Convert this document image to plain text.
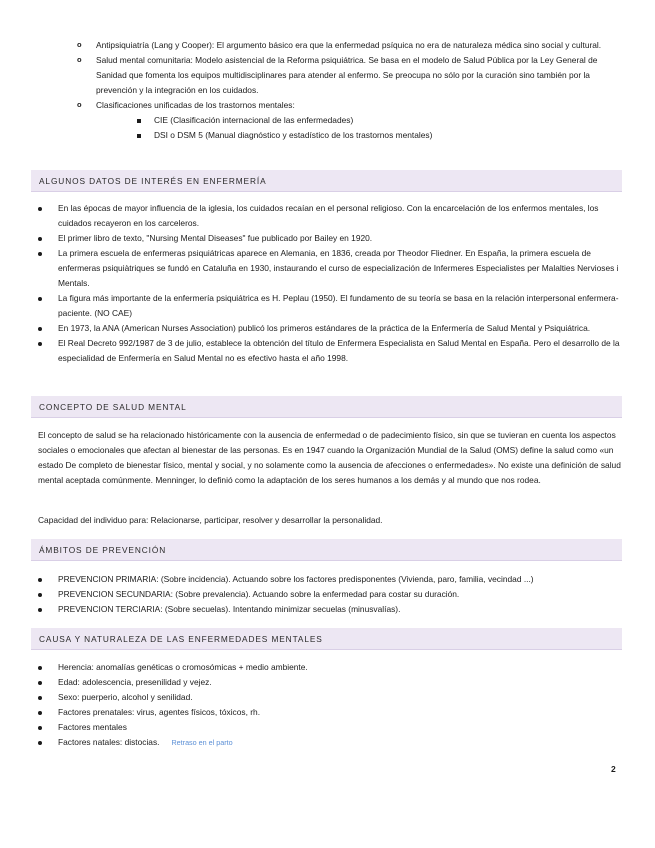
o Antipsiquiatría (Lang y Cooper): El argumento básico era que la enfermedad psíquica no era de naturaleza médica sino social y cultural.
o Salud mental comunitaria: Modelo asistencial de la Reforma psiquiátrica. Se basa en el modelo de Salud Pública por la Ley General de Sanidad que fomenta los equipos multidisciplinares para atender al enfermo. Se preocupa no sólo por la curación sino también por la prevención y la integración en los cuidados.
o Clasificaciones unificadas de los trastornos mentales:
CIE (Clasificación internacional de las enfermedades)
DSI o DSM 5 (Manual diagnóstico y estadístico de los trastornos mentales)
ALGUNOS DATOS DE INTERÉS EN ENFERMERÍA
En las épocas de mayor influencia de la iglesia, los cuidados recaían en el personal religioso. Con la encarcelación de los enfermos mentales, los cuidados recayeron en los carceleros.
El primer libro de texto, "Nursing Mental Diseases" fue publicado por Bailey en 1920.
La primera escuela de enfermeras psiquiátricas aparece en Alemania, en 1836, creada por Theodor Fliedner. En España, la primera escuela de enfermeras psiquiàtriques se fundó en Cataluña en 1930, instaurando el curso de especialización de Infermeres Especialistes per Malalties Nervioses i Mentals.
La figura más importante de la enfermería psiquiátrica es H. Peplau (1950). El fundamento de su teoría se basa en la relación interpersonal enfermera-paciente. (NO CAE)
En 1973, la ANA (American Nurses Association) publicó los primeros estándares de la práctica de la Enfermería de Salud Mental y Psiquiátrica.
El Real Decreto 992/1987 de 3 de julio, establece la obtención del título de Enfermera Especialista en Salud Mental en España. Pero el desarrollo de la especialidad de Enfermería en Salud Mental no es efectivo hasta el año 1998.
CONCEPTO DE SALUD MENTAL

El concepto de salud se ha relacionado históricamente con la ausencia de enfermedad o de padecimiento físico, sin que se tuvieran en cuenta los aspectos sociales o emocionales que afectan al bienestar de las personas. Es en 1947 cuando la Organización Mundial de la Salud (OMS) define la salud como «un estado De completo de bienestar físico, mental y social, y no solamente como la ausencia de afecciones o enfermedades». No existe una definición de salud mental aceptada comúnmente. Menninger, lo definió como la adaptación de los seres humanos a los demás y al mundo que nos rodea.

Capacidad del individuo para: Relacionarse, participar, resolver y desarrollar la personalidad.

ÁMBITOS DE PREVENCIÓN
PREVENCION PRIMARIA: (Sobre incidencia). Actuando sobre los factores predisponentes (Vivienda, paro, familia, vecindad ...)
PREVENCION SECUNDARIA: (Sobre prevalencia). Actuando sobre la enfermedad para costar su duración.
PREVENCION TERCIARIA: (Sobre secuelas). Intentando minimizar secuelas (minusvalías).
CAUSA Y NATURALEZA DE LAS ENFERMEDADES MENTALES
Herencia: anomalías genéticas o cromosómicas + medio ambiente.
Edad: adolescencia, presenilidad y vejez.
Sexo: puerperio, alcohol y senilidad.
Factores prenatales: virus, agentes físicos, tóxicos, rh.
Factores mentales
Factores natales: distocias. Retraso en el parto
2
